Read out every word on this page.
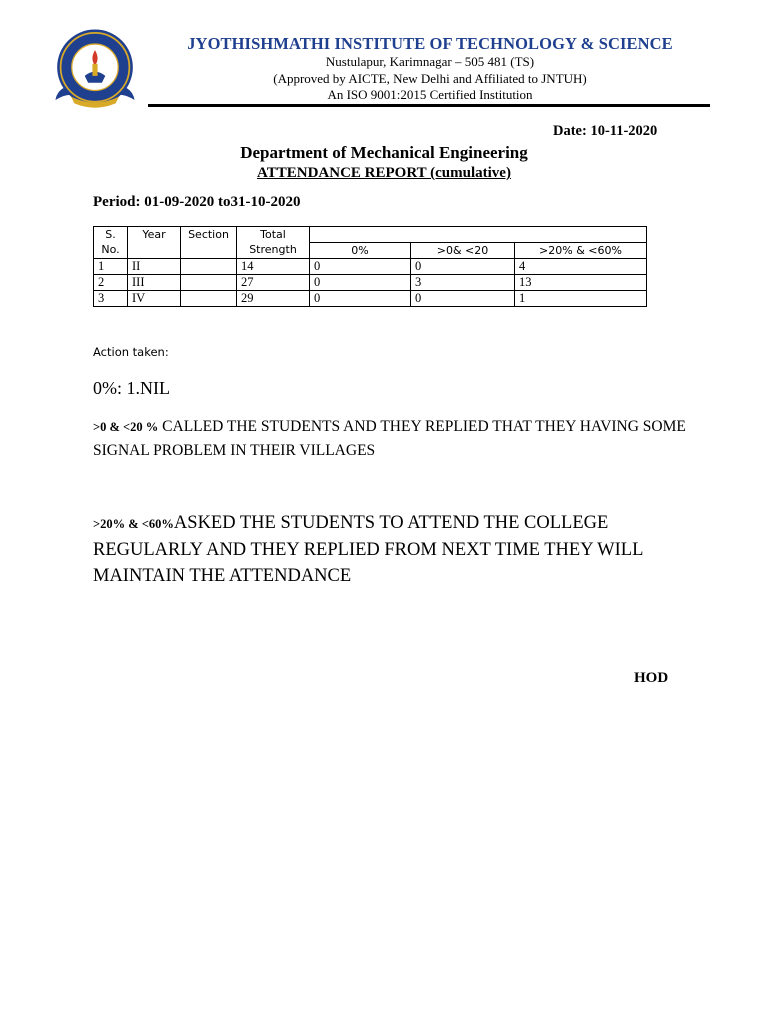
JYOTHISHMATHI INSTITUTE OF TECHNOLOGY & SCIENCE
Nustulapur, Karimnagar – 505 481 (TS)
(Approved by AICTE, New Delhi and Affiliated to JNTUH)
An ISO 9001:2015 Certified Institution
Date: 10-11-2020
Department of Mechanical Engineering
ATTENDANCE REPORT (cumulative)
Period: 01-09-2020 to31-10-2020
S.
No.	Year	Section	Total
Strength			
				0%	>0& <20	>20% & <60%
1	II		14	0	0	4
2	III		27	0	3	13
3	IV		29	0	0	1
Action taken:
0%: 1.NIL
>0 & <20 % CALLED THE STUDENTS AND THEY REPLIED THAT THEY HAVING SOME SIGNAL PROBLEM IN THEIR VILLAGES
>20% & <60%ASKED THE STUDENTS TO ATTEND THE COLLEGE REGULARLY AND THEY REPLIED FROM NEXT TIME THEY WILL MAINTAIN THE ATTENDANCE
HOD
